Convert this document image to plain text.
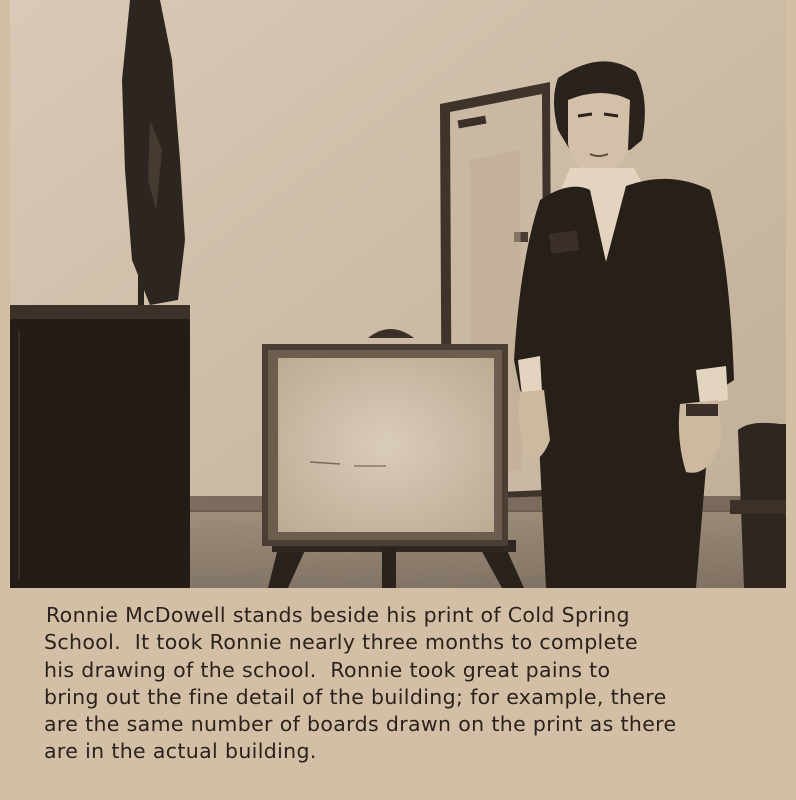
Ronnie McDowell stands beside his print of Cold Spring
School.  It took Ronnie nearly three months to complete
his drawing of the school.  Ronnie took great pains to
bring out the fine detail of the building; for example, there
are the same number of boards drawn on the print as there
are in the actual building.
